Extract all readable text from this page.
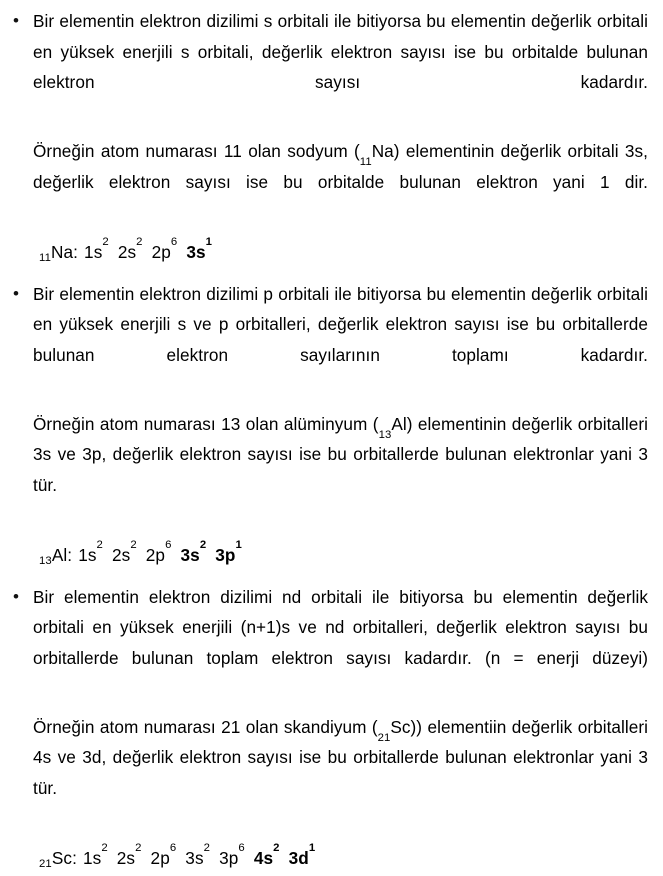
• Bir elementin elektron dizilimi s orbitali ile bitiyorsa bu elementin değerlik orbitali en yüksek enerjili s orbitali, değerlik elektron sayısı ise bu orbitalde bulunan elektron sayısı kadardır.

Örneğin atom numarası 11 olan sodyum $(_{11}Na)$ elementinin değerlik orbitali 3s, değerlik elektron sayısı ise bu orbitalde bulunan elektron yani 1 dir.

$_{11}$Na: $1s^2$ $2s^2$ $2p^6$ $3s^1$
• Bir elementin elektron dizilimi p orbitali ile bitiyorsa bu elementin değerlik orbitali en yüksek enerjili s ve p orbitalleri, değerlik elektron sayısı ise bu orbitallerde bulunan elektron sayılarının toplamı kadardır.

Örneğin atom numarası 13 olan alüminyum $(_{13}Al)$ elementinin değerlik orbitalleri 3s ve 3p, değerlik elektron sayısı ise bu orbitallerde bulunan elektronlar yani 3 tür.

$_{13}$Al: $1s^2$ $2s^2$ $2p^6$ $3s^2$ $3p^1$
• Bir elementin elektron dizilimi nd orbitali ile bitiyorsa bu elementin değerlik orbitali en yüksek enerjili (n+1)s ve nd orbitalleri, değerlik elektron sayısı bu orbitallerde bulunan toplam elektron sayısı kadardır. (n = enerji düzeyi)

Örneğin atom numarası 21 olan skandiyum $(_{21}Sc)$) elementiin değerlik orbitalleri 4s ve 3d, değerlik elektron sayısı ise bu orbitallerde bulunan elektronlar yani 3 tür.

$_{21}$Sc: $1s^2$ $2s^2$ $2p^6$ $3s^2$ $3p^6$ $4s^2$ $3d^1$
